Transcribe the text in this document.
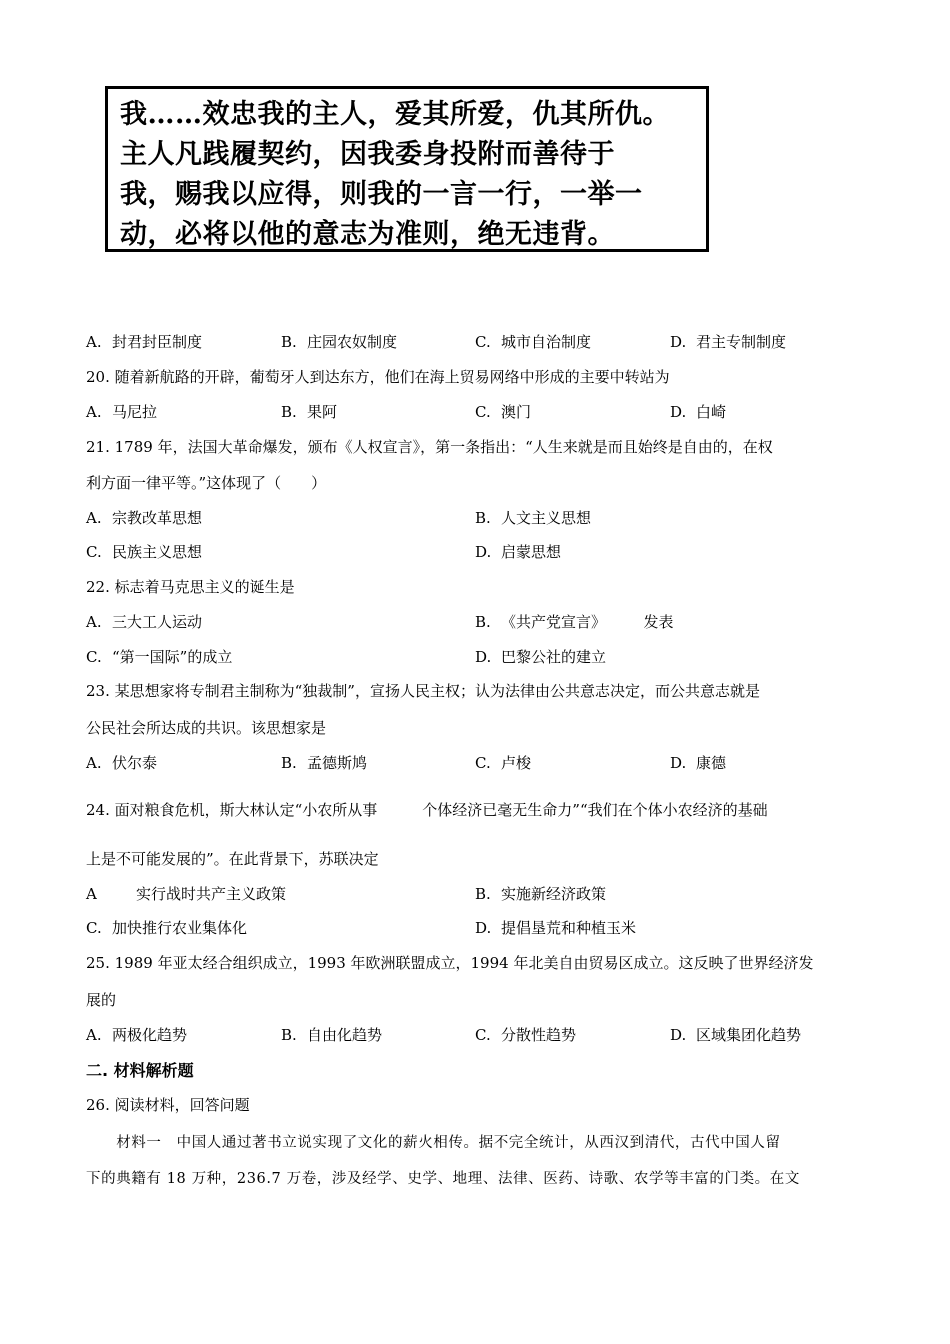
我……效忠我的主人，爱其所爱，仇其所仇。
主人凡践履契约，因我委身投附而善待于
我，赐我以应得，则我的一言一行，一举一
动，必将以他的意志为准则，绝无违背。
A. 封君封臣制度	B. 庄园农奴制度	C. 城市自治制度	D. 君主专制制度
20. 随着新航路的开辟，葡萄牙人到达东方，他们在海上贸易网络中形成的主要中转站为
A. 马尼拉	B. 果阿	C. 澳门	D. 白崎
21. 1789 年，法国大革命爆发，颁布《人权宣言》，第一条指出：“人生来就是而且始终是自由的，在权
利方面一律平等。”这体现了（　　）
A. 宗教改革思想	B. 人文主义思想
C. 民族主义思想	D. 启蒙思想
22. 标志着马克思主义的诞生是
A. 三大工人运动	B. 《共产党宣言》　　　发表
C. “第一国际”的成立	D. 巴黎公社的建立
23. 某思想家将专制君主制称为“独裁制”，宣扬人民主权；认为法律由公共意志决定，而公共意志就是
公民社会所达成的共识。该思想家是
A. 伏尔泰	B. 孟德斯鸠	C. 卢梭	D. 康德
24. 面对粮食危机，斯大林认定“小农所从事　　　个体经济已毫无生命力”“我们在个体小农经济的基础
上是不可能发展的”。在此背景下，苏联决定
A	实行战时共产主义政策	B. 实施新经济政策
C. 加快推行农业集体化	D. 提倡垦荒和种植玉米
25. 1989 年亚太经合组织成立，1993 年欧洲联盟成立，1994 年北美自由贸易区成立。这反映了世界经济发
展的
A. 两极化趋势	B. 自由化趋势	C. 分散性趋势	D. 区域集团化趋势
二. 材料解析题
26. 阅读材料，回答问题
　　材料一　中国人通过著书立说实现了文化的薪火相传。据不完全统计，从西汉到清代，古代中国人留
下的典籍有 18 万种，236.7 万卷，涉及经学、史学、地理、法律、医药、诗歌、农学等丰富的门类。在文
